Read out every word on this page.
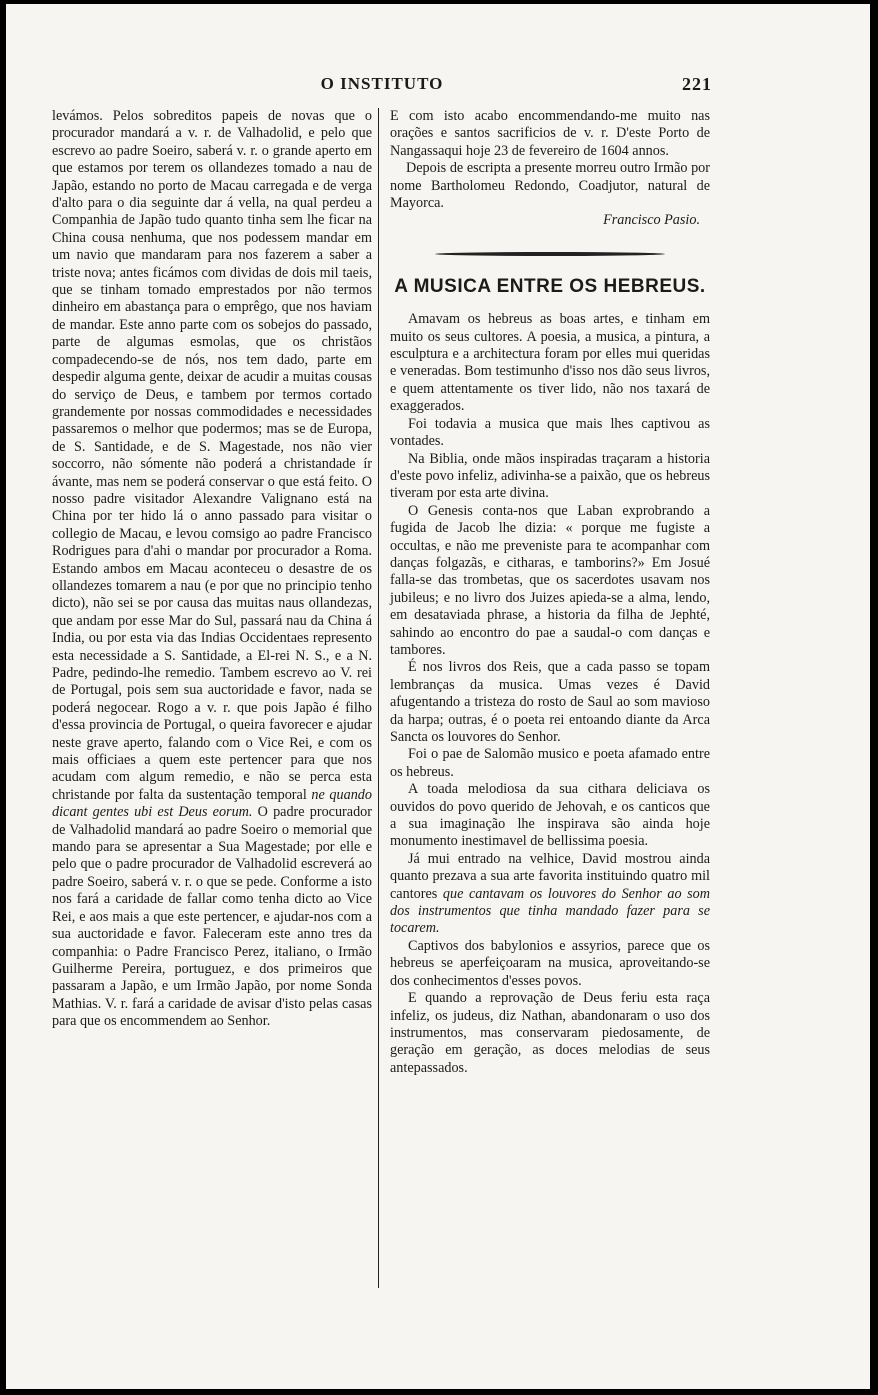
O INSTITUTO	221

levámos. Pelos sobreditos papeis de novas que o procurador mandará a v. r. de Valhadolid, e pelo que escrevo ao padre Soeiro, saberá v. r. o grande aperto em que estamos por terem os ollandezes tomado a nau de Japão, estando no porto de Macau carregada e de verga d'alto para o dia seguinte dar á vella, na qual perdeu a Companhia de Japão tudo quanto tinha sem lhe ficar na China cousa nenhuma, que nos podessem mandar em um navio que mandaram para nos fazerem a saber a triste nova; antes ficámos com dividas de dois mil taeis, que se tinham tomado emprestados por não termos dinheiro em abastança para o emprêgo, que nos haviam de mandar. Este anno parte com os sobejos do passado, parte de algumas esmolas, que os christãos compadecendo-se de nós, nos tem dado, parte em despedir alguma gente, deixar de acudir a muitas cousas do serviço de Deus, e tambem por termos cortado grandemente por nossas commodidades e necessidades passaremos o melhor que podermos; mas se de Europa, de S. Santidade, e de S. Magestade, nos não vier soccorro, não sómente não poderá a christandade ír ávante, mas nem se poderá conservar o que está feito. O nosso padre visitador Alexandre Valignano está na China por ter hido lá o anno passado para visitar o collegio de Macau, e levou comsigo ao padre Francisco Rodrigues para d'ahi o mandar por procurador a Roma. Estando ambos em Macau aconteceu o desastre de os ollandezes tomarem a nau (e por que no principio tenho dicto), não sei se por causa das muitas naus ollandezas, que andam por esse Mar do Sul, passará nau da China á India, ou por esta via das Indias Occidentaes represento esta necessidade a S. Santidade, a El-rei N. S., e a N. Padre, pedindo-lhe remedio. Tambem escrevo ao V. rei de Portugal, pois sem sua auctoridade e favor, nada se poderá negocear. Rogo a v. r. que pois Japão é filho d'essa provincia de Portugal, o queira favorecer e ajudar neste grave aperto, falando com o Vice Rei, e com os mais officiaes a quem este pertencer para que nos acudam com algum remedio, e não se perca esta christande por falta da sustentação temporal ne quando dicant gentes ubi est Deus eorum. O padre procurador de Valhadolid mandará ao padre Soeiro o memorial que mando para se apresentar a Sua Magestade; por elle e pelo que o padre procurador de Valhadolid escreverá ao padre Soeiro, saberá v. r. o que se pede. Conforme a isto nos fará a caridade de fallar como tenha dicto ao Vice Rei, e aos mais a que este pertencer, e ajudar-nos com a sua auctoridade e favor. Faleceram este anno tres da companhia: o Padre Francisco Perez, italiano, o Irmão Guilherme Pereira, portuguez, e dos primeiros que passaram a Japão, e um Irmão Japão, por nome Sonda Mathias. V. r. fará a caridade de avisar d'isto pelas casas para que os encommendem ao Senhor.

E com isto acabo encommendando-me muito nas orações e santos sacrificios de v. r. D'este Porto de Nangassaqui hoje 23 de fevereiro de 1604 annos.

Depois de escripta a presente morreu outro Irmão por nome Bartholomeu Redondo, Coadjutor, natural de Mayorca.

Francisco Pasio.

A MUSICA ENTRE OS HEBREUS.

Amavam os hebreus as boas artes, e tinham em muito os seus cultores. A poesia, a musica, a pintura, a esculptura e a architectura foram por elles mui queridas e veneradas. Bom testimunho d'isso nos dão seus livros, e quem attentamente os tiver lido, não nos taxará de exaggerados.

Foi todavia a musica que mais lhes captivou as vontades.

Na Biblia, onde mãos inspiradas traçaram a historia d'este povo infeliz, adivinha-se a paixão, que os hebreus tiveram por esta arte divina.

O Genesis conta-nos que Laban exprobrando a fugida de Jacob lhe dizia: « porque me fugiste a occultas, e não me preveniste para te acompanhar com danças folgazãs, e citharas, e tamborins?» Em Josué falla-se das trombetas, que os sacerdotes usavam nos jubileus; e no livro dos Juizes apieda-se a alma, lendo, em desataviada phrase, a historia da filha de Jephté, sahindo ao encontro do pae a saudal-o com danças e tambores.

É nos livros dos Reis, que a cada passo se topam lembranças da musica. Umas vezes é David afugentando a tristeza do rosto de Saul ao som mavioso da harpa; outras, é o poeta rei entoando diante da Arca Sancta os louvores do Senhor.

Foi o pae de Salomão musico e poeta afamado entre os hebreus.

A toada melodiosa da sua cithara deliciava os ouvidos do povo querido de Jehovah, e os canticos que a sua imaginação lhe inspirava são ainda hoje monumento inestimavel de bellissima poesia.

Já mui entrado na velhice, David mostrou ainda quanto prezava a sua arte favorita instituindo quatro mil cantores que cantavam os louvores do Senhor ao som dos instrumentos que tinha mandado fazer para se tocarem.

Captivos dos babylonios e assyrios, parece que os hebreus se aperfeiçoaram na musica, aproveitando-se dos conhecimentos d'esses povos.

E quando a reprovação de Deus feriu esta raça infeliz, os judeus, diz Nathan, abandonaram o uso dos instrumentos, mas conservaram piedosamente, de geração em geração, as doces melodias de seus antepassados.
